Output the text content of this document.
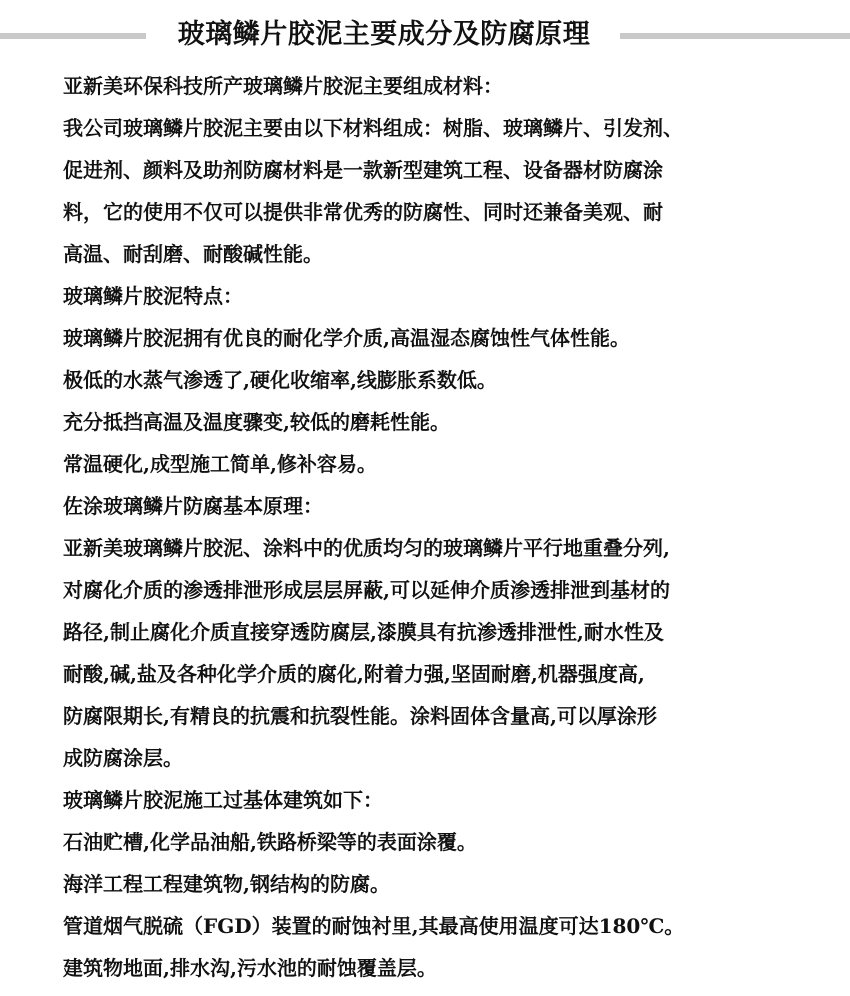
玻璃鳞片胶泥主要成分及防腐原理
亚新美环保科技所产玻璃鳞片胶泥主要组成材料：
我公司玻璃鳞片胶泥主要由以下材料组成：树脂、玻璃鳞片、引发剂、
促进剂、颜料及助剂防腐材料是一款新型建筑工程、设备器材防腐涂
料，它的使用不仅可以提供非常优秀的防腐性、同时还兼备美观、耐
高温、耐刮磨、耐酸碱性能。
玻璃鳞片胶泥特点：
玻璃鳞片胶泥拥有优良的耐化学介质,高温湿态腐蚀性气体性能。
极低的水蒸气渗透了,硬化收缩率,线膨胀系数低。
充分抵挡高温及温度骤变,较低的磨耗性能。
常温硬化,成型施工简单,修补容易。
佐涂玻璃鳞片防腐基本原理：
亚新美玻璃鳞片胶泥、涂料中的优质均匀的玻璃鳞片平行地重叠分列,
对腐化介质的渗透排泄形成层层屏蔽,可以延伸介质渗透排泄到基材的
路径,制止腐化介质直接穿透防腐层,漆膜具有抗渗透排泄性,耐水性及
耐酸,碱,盐及各种化学介质的腐化,附着力强,坚固耐磨,机器强度高,
防腐限期长,有精良的抗震和抗裂性能。涂料固体含量高,可以厚涂形
成防腐涂层。
玻璃鳞片胶泥施工过基体建筑如下：
石油贮槽,化学品油船,铁路桥梁等的表面涂覆。
海洋工程工程建筑物,钢结构的防腐。
管道烟气脱硫（FGD）装置的耐蚀衬里,其最高使用温度可达180℃。
建筑物地面,排水沟,污水池的耐蚀覆盖层。
